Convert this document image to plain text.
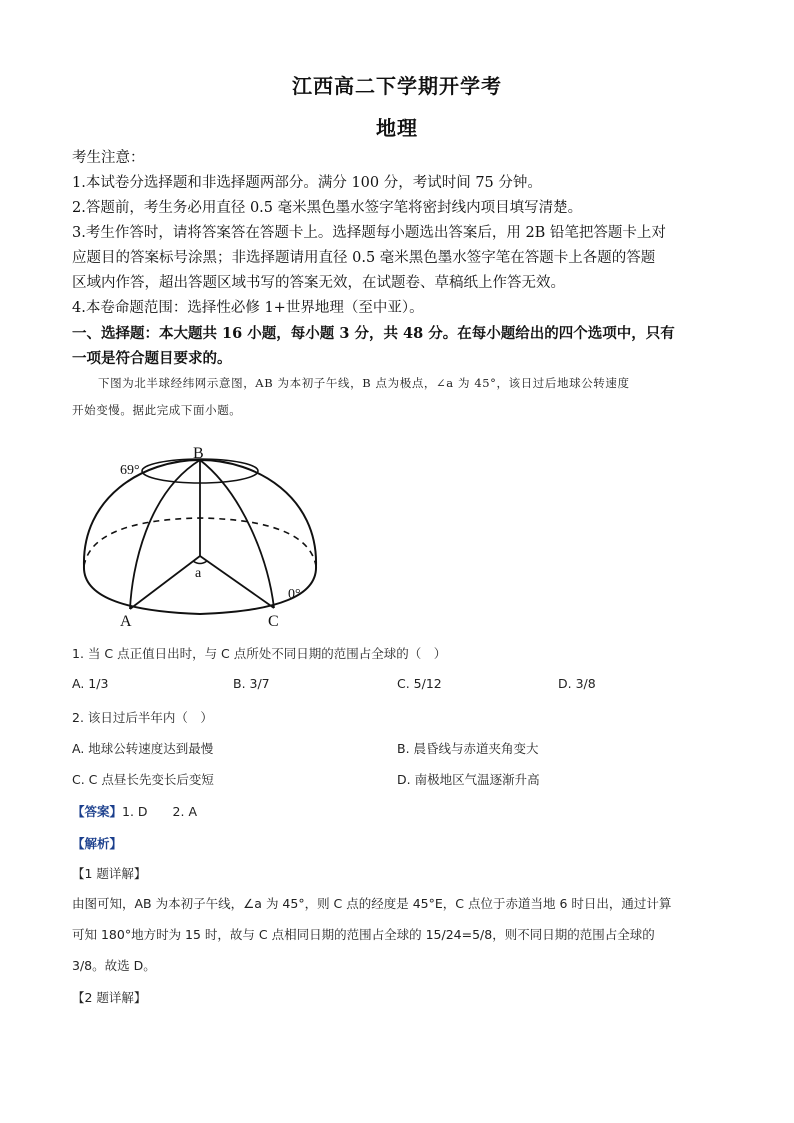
江西高二下学期开学考
地理
考生注意：
1.本试卷分选择题和非选择题两部分。满分 100 分，考试时间 75 分钟。
2.答题前，考生务必用直径 0.5 毫米黑色墨水签字笔将密封线内项目填写清楚。
3.考生作答时，请将答案答在答题卡上。选择题每小题选出答案后，用 2B 铅笔把答题卡上对
应题目的答案标号涂黑；非选择题请用直径 0.5 毫米黑色墨水签字笔在答题卡上各题的答题
区域内作答，超出答题区域书写的答案无效，在试题卷、草稿纸上作答无效。
4.本卷命题范围：选择性必修 1+世界地理（至中亚）。
一、选择题：本大题共 16 小题，每小题 3 分，共 48 分。在每小题给出的四个选项中，只有
一项是符合题目要求的。
下图为北半球经纬网示意图，AB 为本初子午线，B 点为极点，∠a 为 45°，该日过后地球公转速度
开始变慢。据此完成下面小题。
B
A	C
a
69°
0°
1. 当 C 点正值日出时，与 C 点所处不同日期的范围占全球的（　）
A. 1/3	B. 3/7	C. 5/12	D. 3/8
2. 该日过后半年内（　）
A. 地球公转速度达到最慢	B. 晨昏线与赤道夹角变大
C. C 点昼长先变长后变短	D. 南极地区气温逐渐升高
【答案】1. D　　2. A
【解析】
【1 题详解】
由图可知，AB 为本初子午线，∠a 为 45°，则 C 点的经度是 45°E，C 点位于赤道当地 6 时日出，通过计算
可知 180°地方时为 15 时，故与 C 点相同日期的范围占全球的 15/24=5/8，则不同日期的范围占全球的
3/8。故选 D。
【2 题详解】
